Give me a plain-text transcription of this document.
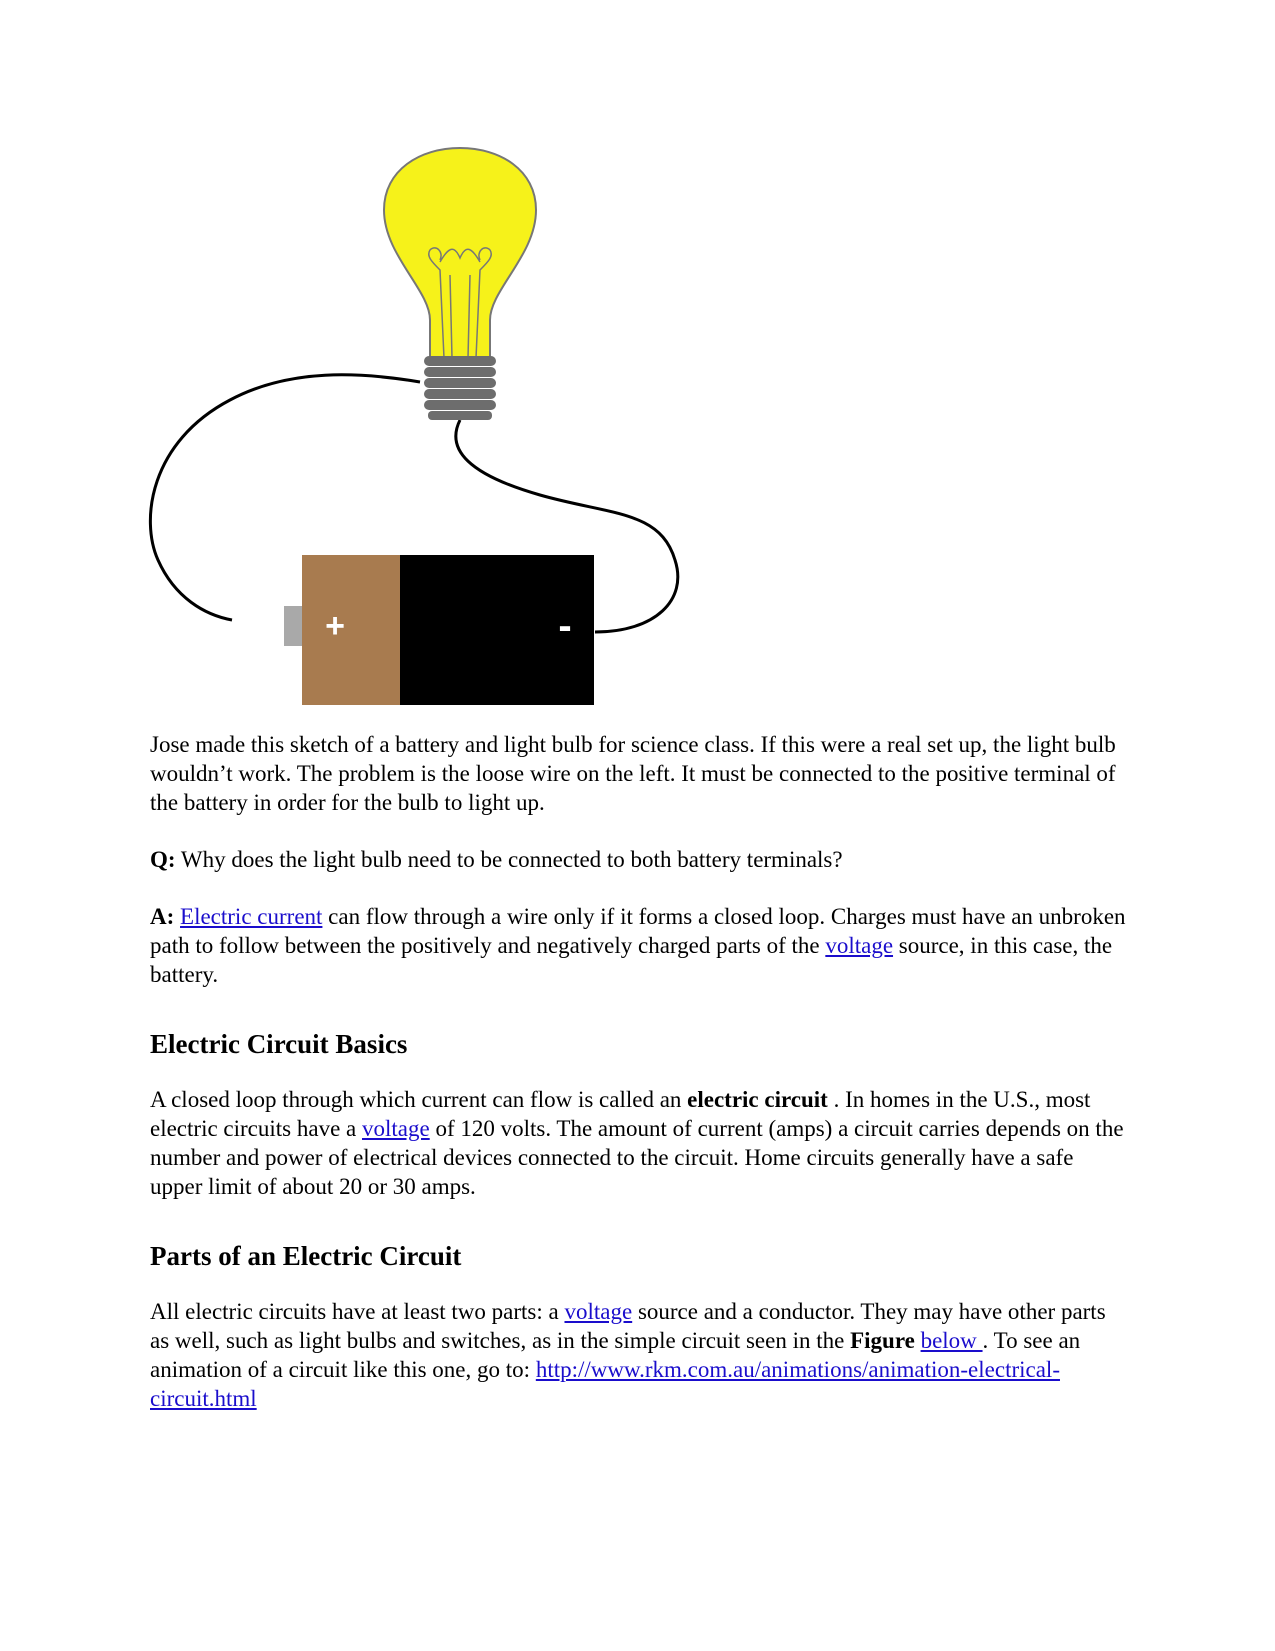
+	-

Jose made this sketch of a battery and light bulb for science class. If this were a real set up, the light bulb wouldn’t work. The problem is the loose wire on the left. It must be connected to the positive terminal of the battery in order for the bulb to light up.

Q: Why does the light bulb need to be connected to both battery terminals?

A: Electric current can flow through a wire only if it forms a closed loop. Charges must have an unbroken path to follow between the positively and negatively charged parts of the voltage source, in this case, the battery.

Electric Circuit Basics

A closed loop through which current can flow is called an electric circuit . In homes in the U.S., most electric circuits have a voltage of 120 volts. The amount of current (amps) a circuit carries depends on the number and power of electrical devices connected to the circuit. Home circuits generally have a safe upper limit of about 20 or 30 amps.

Parts of an Electric Circuit

All electric circuits have at least two parts: a voltage source and a conductor. They may have other parts as well, such as light bulbs and switches, as in the simple circuit seen in the Figure below . To see an animation of a circuit like this one, go to: http://www.rkm.com.au/animations/animation-electrical-circuit.html
